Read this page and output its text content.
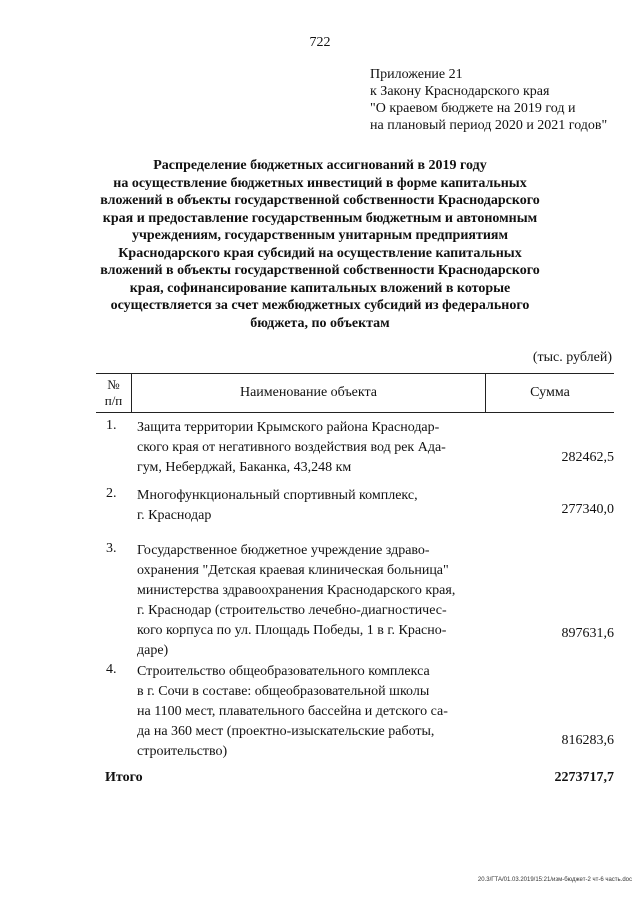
722
Приложение 21
к Закону Краснодарского края
"О краевом бюджете на 2019 год и
на плановый период 2020 и 2021 годов"
Распределение бюджетных ассигнований в 2019 году
на осуществление бюджетных инвестиций в форме капитальных
вложений в объекты государственной собственности Краснодарского
края и предоставление государственным бюджетным и автономным
учреждениям, государственным унитарным предприятиям
Краснодарского края субсидий на осуществление капитальных
вложений в объекты государственной собственности Краснодарского
края, софинансирование капитальных вложений в которые
осуществляется за счет межбюджетных субсидий из федерального
бюджета, по объектам
(тыс. рублей)
№
п/п
Наименование объекта	Сумма
1. Защита территории Крымского района Краснодар-
ского края от негативного воздействия вод рек Ада-
гум, Неберджай, Баканка, 43,248 км
282462,5
2. Многофункциональный спортивный комплекс,
г. Краснодар	277340,0
3. Государственное бюджетное учреждение здраво-
охранения "Детская краевая клиническая больница"
министерства здравоохранения Краснодарского края,
г. Краснодар (строительство лечебно-диагностичес-
кого корпуса по ул. Площадь Победы, 1 в г. Красно-
даре)
897631,6
4. Строительство общеобразовательного комплекса
в г. Сочи в составе: общеобразовательной школы
на 1100 мест, плавательного бассейна и детского са-
да на 360 мест (проектно-изыскательские работы,
строительство)
816283,6
Итого	2273717,7
20.3/ГТА/01.03.2019/15:21/изм-бюджет-2 чт-6 часть.doc
